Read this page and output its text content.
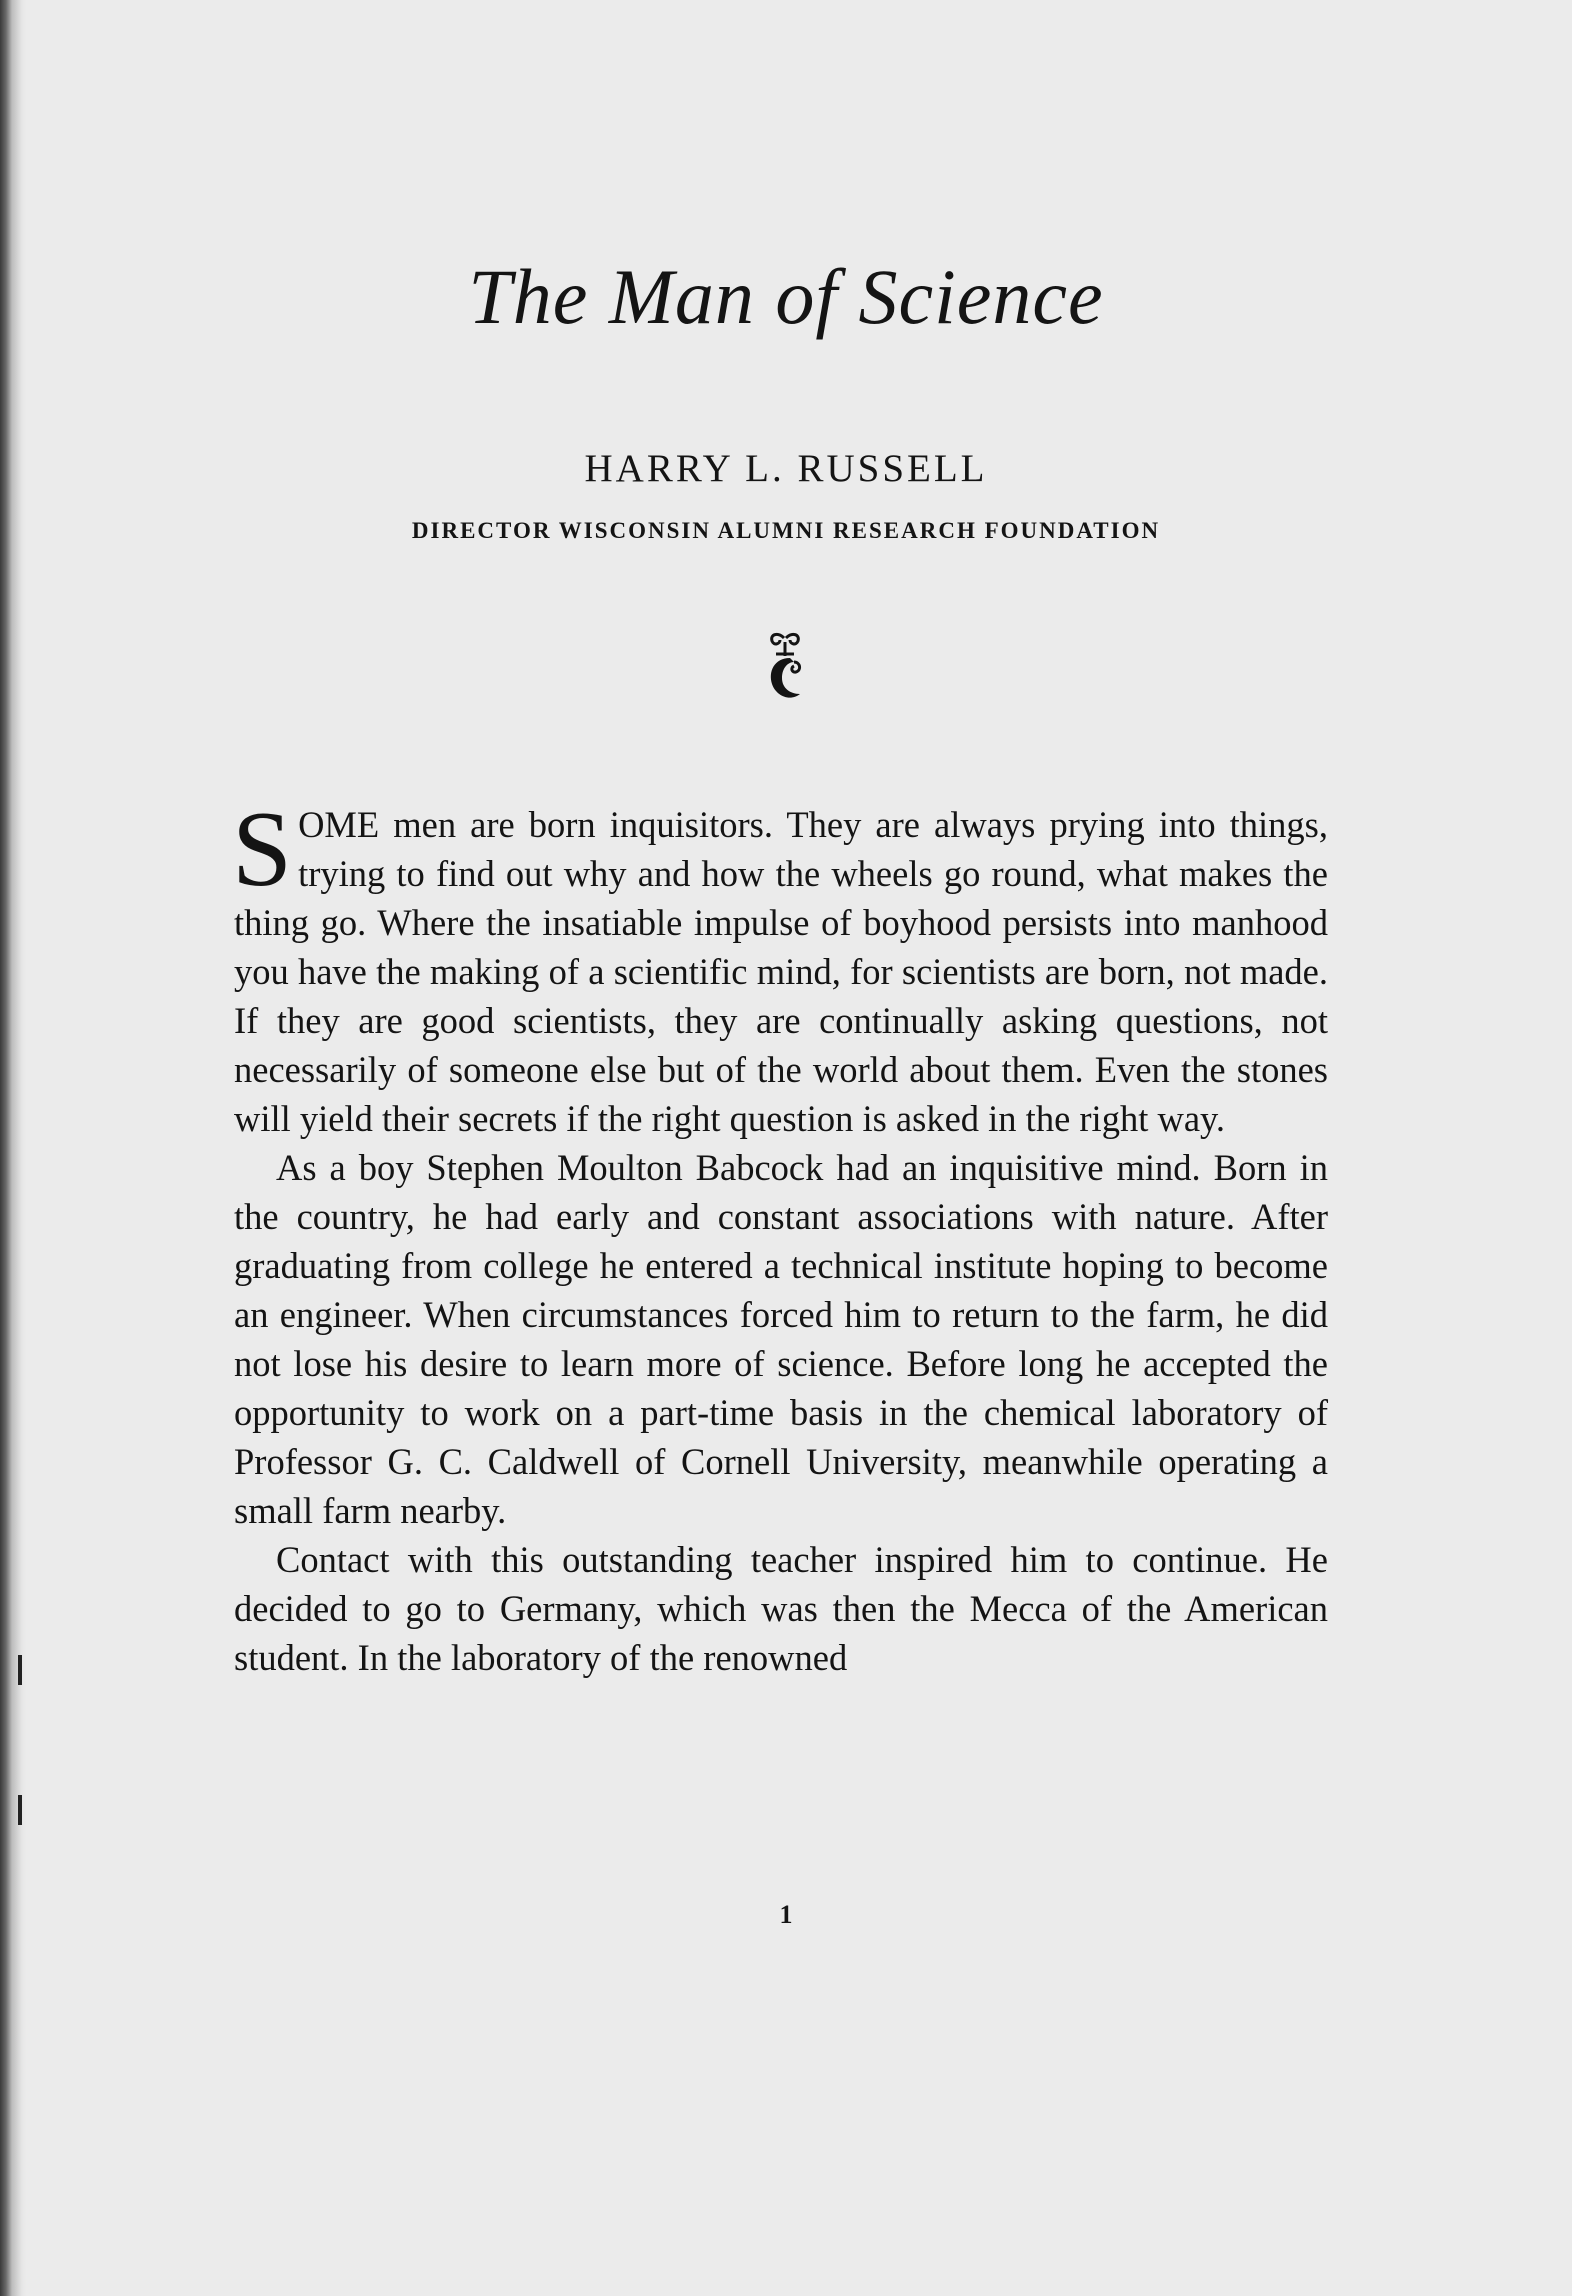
The Man of Science
HARRY L. RUSSELL
DIRECTOR WISCONSIN ALUMNI RESEARCH FOUNDATION

SOME men are born inquisitors. They are always prying into things, trying to find out why and how the wheels go round, what makes the thing go. Where the insatiable impulse of boyhood persists into manhood you have the making of a scientific mind, for scientists are born, not made. If they are good scientists, they are continually asking questions, not necessarily of someone else but of the world about them. Even the stones will yield their secrets if the right question is asked in the right way.

As a boy Stephen Moulton Babcock had an inquisitive mind. Born in the country, he had early and constant associations with nature. After graduating from college he entered a technical institute hoping to become an engineer. When circumstances forced him to return to the farm, he did not lose his desire to learn more of science. Before long he accepted the opportunity to work on a part-time basis in the chemical laboratory of Professor G. C. Caldwell of Cornell University, meanwhile operating a small farm nearby.

Contact with this outstanding teacher inspired him to continue. He decided to go to Germany, which was then the Mecca of the American student. In the laboratory of the renowned

1
